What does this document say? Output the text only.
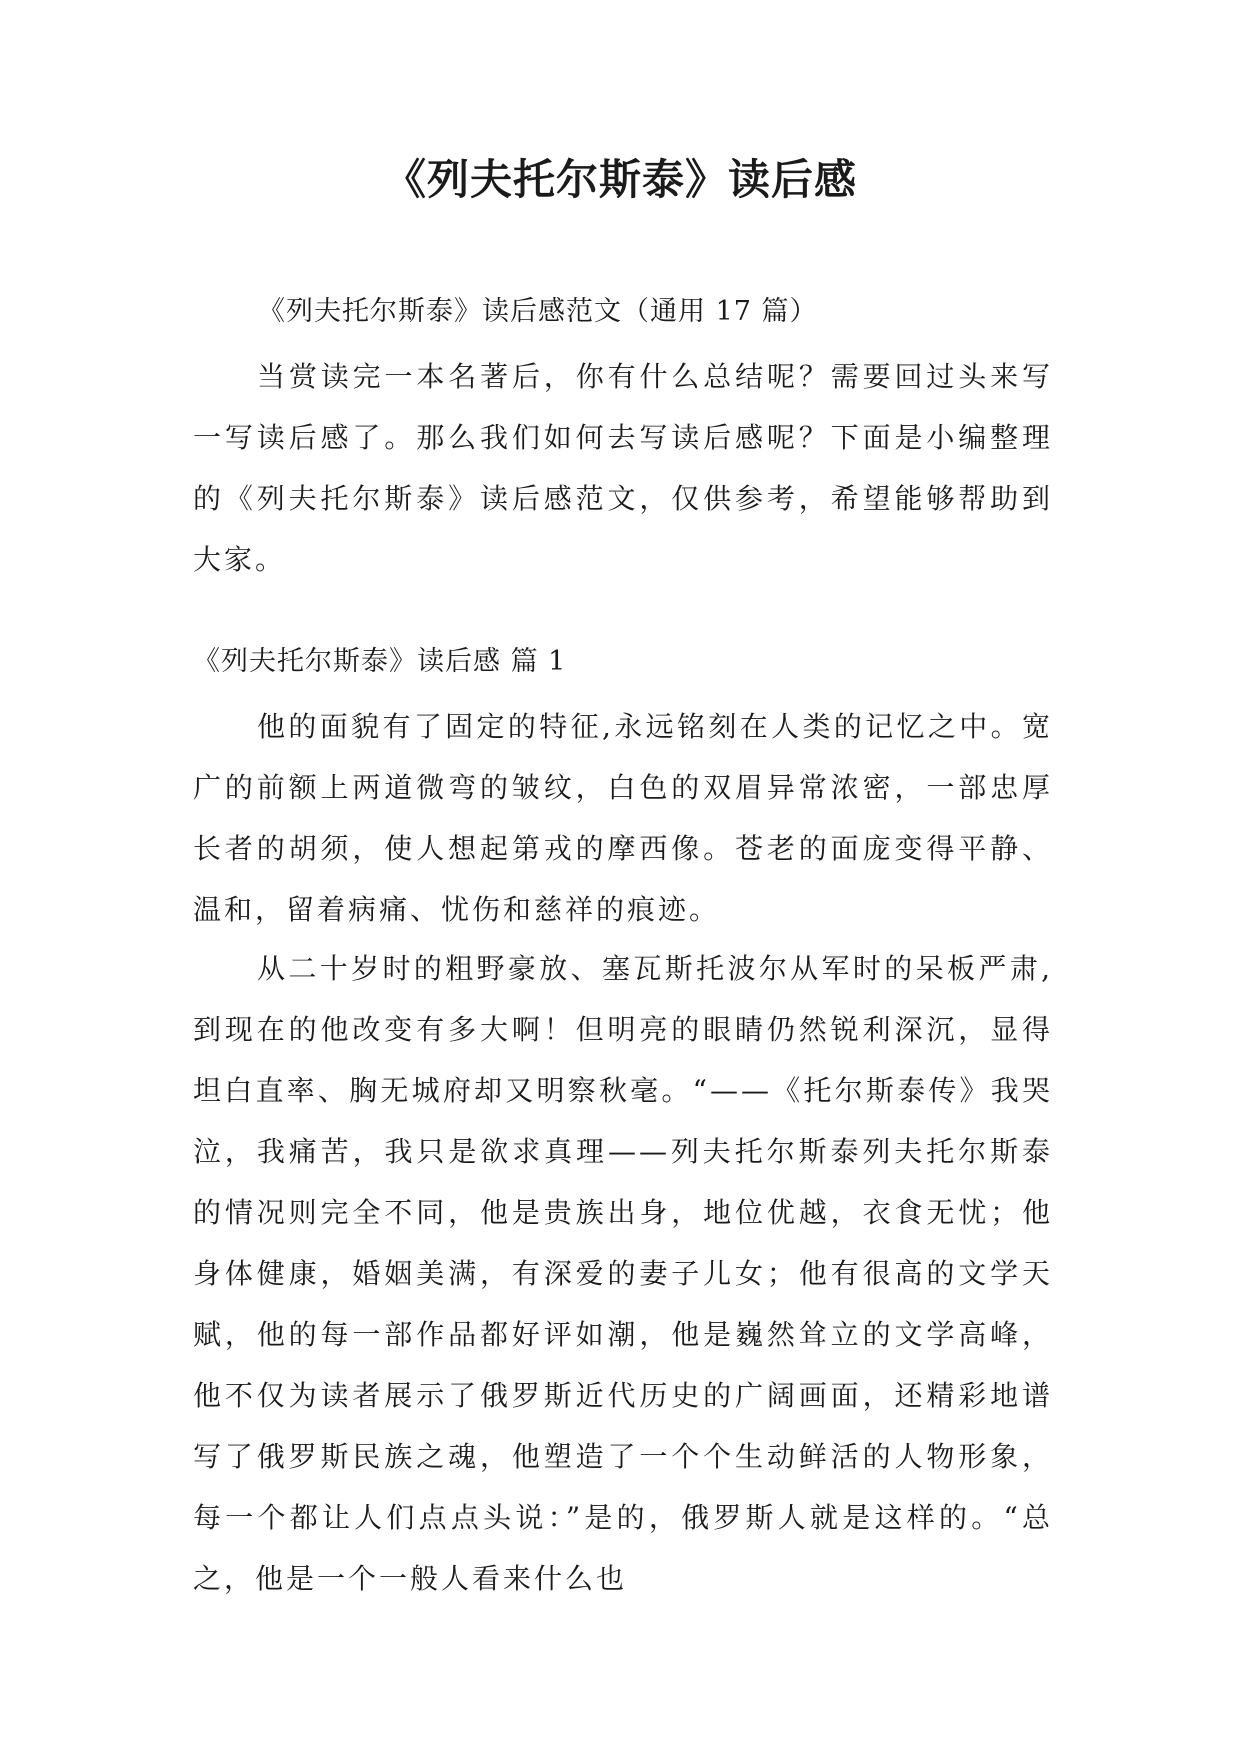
《列夫托尔斯泰》读后感
《列夫托尔斯泰》读后感范文（通用 17 篇）

当赏读完一本名著后，你有什么总结呢？需要回过头来写一写读后感了。那么我们如何去写读后感呢？下面是小编整理的《列夫托尔斯泰》读后感范文，仅供参考，希望能够帮助到大家。

《列夫托尔斯泰》读后感 篇 1

他的面貌有了固定的特征,永远铭刻在人类的记忆之中。宽广的前额上两道微弯的皱纹，白色的双眉异常浓密，一部忠厚长者的胡须，使人想起第戎的摩西像。苍老的面庞变得平静、温和，留着病痛、忧伤和慈祥的痕迹。

从二十岁时的粗野豪放、塞瓦斯托波尔从军时的呆板严肃,到现在的他改变有多大啊！但明亮的眼睛仍然锐利深沉，显得坦白直率、胸无城府却又明察秋毫。“——《托尔斯泰传》我哭泣，我痛苦，我只是欲求真理——列夫托尔斯泰列夫托尔斯泰的情况则完全不同，他是贵族出身，地位优越，衣食无忧；他身体健康，婚姻美满，有深爱的妻子儿女；他有很高的文学天赋，他的每一部作品都好评如潮，他是巍然耸立的文学高峰，他不仅为读者展示了俄罗斯近代历史的广阔画面，还精彩地谱写了俄罗斯民族之魂，他塑造了一个个生动鲜活的人物形象，每一个都让人们点点头说：”是的，俄罗斯人就是这样的。“总之，他是一个一般人看来什么也
